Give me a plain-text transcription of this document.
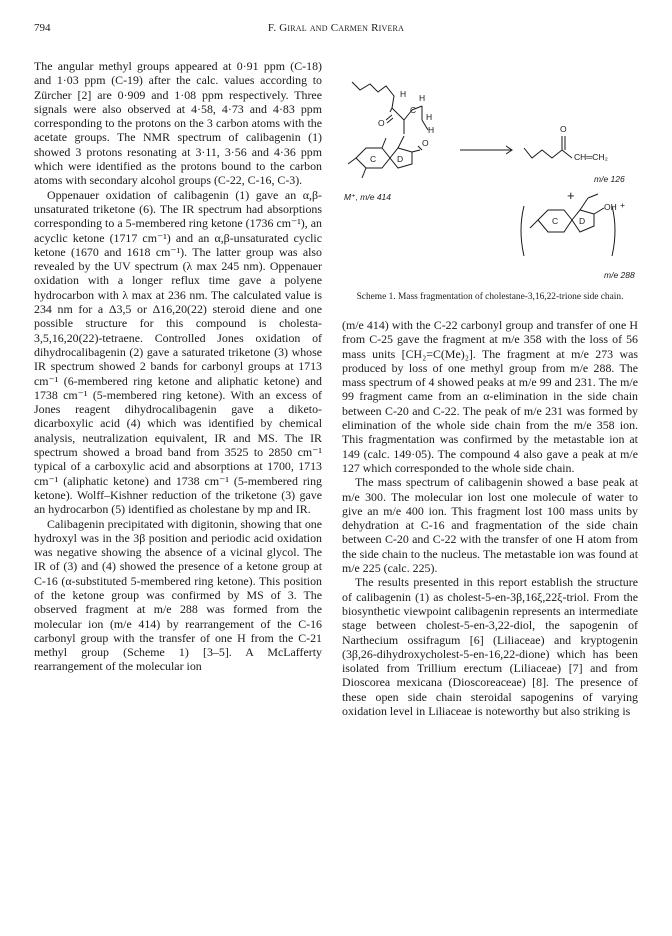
794	F. Giral and Carmen Rivera

The angular methyl groups appeared at 0·91 ppm (C-18) and 1·03 ppm (C-19) after the calc. values according to Zürcher [2] are 0·909 and 1·08 ppm respectively. Three signals were also observed at 4·58, 4·73 and 4·83 ppm corresponding to the protons on the 3 carbon atoms with the acetate groups. The NMR spectrum of calibagenin (1) showed 3 protons resonating at 3·11, 3·56 and 4·36 ppm which were identified as the protons bound to the carbon atoms with secondary alcohol groups (C-22, C-16, C-3).

Oppenauer oxidation of calibagenin (1) gave an α,β-unsaturated triketone (6). The IR spectrum had absorptions corresponding to a 5-membered ring ketone (1736 cm⁻¹), an acyclic ketone (1717 cm⁻¹) and an α,β-unsaturated cyclic ketone (1670 and 1618 cm⁻¹). The latter group was also revealed by the UV spectrum (λ max 245 nm). Oppenauer oxidation with a longer reflux time gave a polyene hydrocarbon with λ max at 236 nm. The calculated value is 234 nm for a Δ3,5 or Δ16,20(22) steroid diene and one possible structure for this compound is cholesta-3,5,16,20(22)-tetraene. Controlled Jones oxidation of dihydrocalibagenin (2) gave a saturated triketone (3) whose IR spectrum showed 2 bands for carbonyl groups at 1713 cm⁻¹ (6-membered ring ketone and aliphatic ketone) and 1738 cm⁻¹ (5-membered ring ketone). With an excess of Jones reagent dihydrocalibagenin gave a diketo-dicarboxylic acid (4) which was identified by chemical analysis, neutralization equivalent, IR and MS. The IR spectrum showed a broad band from 3525 to 2850 cm⁻¹ typical of a carboxylic acid and absorptions at 1700, 1713 cm⁻¹ (aliphatic ketone) and 1738 cm⁻¹ (5-membered ring ketone). Wolff–Kishner reduction of the triketone (3) gave an hydrocarbon (5) identified as cholestane by mp and IR.

Calibagenin precipitated with digitonin, showing that one hydroxyl was in the 3β position and periodic acid oxidation was negative showing the absence of a vicinal glycol. The IR of (3) and (4) showed the presence of a ketone group at C-16 (α-substituted 5-membered ring ketone). This position of the ketone group was confirmed by MS of 3. The observed fragment at m/e 288 was formed from the molecular ion (m/e 414) by rearrangement of the C-16 carbonyl group with the transfer of one H from the C-21 methyl group (Scheme 1) [3–5]. A McLafferty rearrangement of the molecular ion

H H
C
H
H
O
O
C D
M⁺, m/e 414
O
CH═CH₂
m/e 126
+
OH
C D
+
m/e 288
Scheme 1. Mass fragmentation of cholestane-3,16,22-trione side chain.

(m/e 414) with the C-22 carbonyl group and transfer of one H from C-25 gave the fragment at m/e 358 with the loss of 56 mass units [CH₂=C(Me)₂]. The fragment at m/e 273 was produced by loss of one methyl group from m/e 288. The mass spectrum of 4 showed peaks at m/e 99 and 231. The m/e 99 fragment came from an α-elimination in the side chain between C-20 and C-22. The peak of m/e 231 was formed by elimination of the whole side chain from the m/e 358 ion. This fragmentation was confirmed by the metastable ion at 149 (calc. 149·05). The compound 4 also gave a peak at m/e 127 which corresponded to the whole side chain.

The mass spectrum of calibagenin showed a base peak at m/e 300. The molecular ion lost one molecule of water to give an m/e 400 ion. This fragment lost 100 mass units by dehydration at C-16 and fragmentation of the side chain between C-20 and C-22 with the transfer of one H atom from the side chain to the nucleus. The metastable ion was found at m/e 225 (calc. 225).

The results presented in this report establish the structure of calibagenin (1) as cholest-5-en-3β,16ξ,22ξ-triol. From the biosynthetic viewpoint calibagenin represents an intermediate stage between cholest-5-en-3,22-diol, the sapogenin of Narthecium ossifragum [6] (Liliaceae) and kryptogenin (3β,26-dihydroxycholest-5-en-16,22-dione) which has been isolated from Trillium erectum (Liliaceae) [7] and from Dioscorea mexicana (Dioscoreaceae) [8]. The presence of these open side chain steroidal sapogenins of varying oxidation level in Liliaceae is noteworthy but also striking is
